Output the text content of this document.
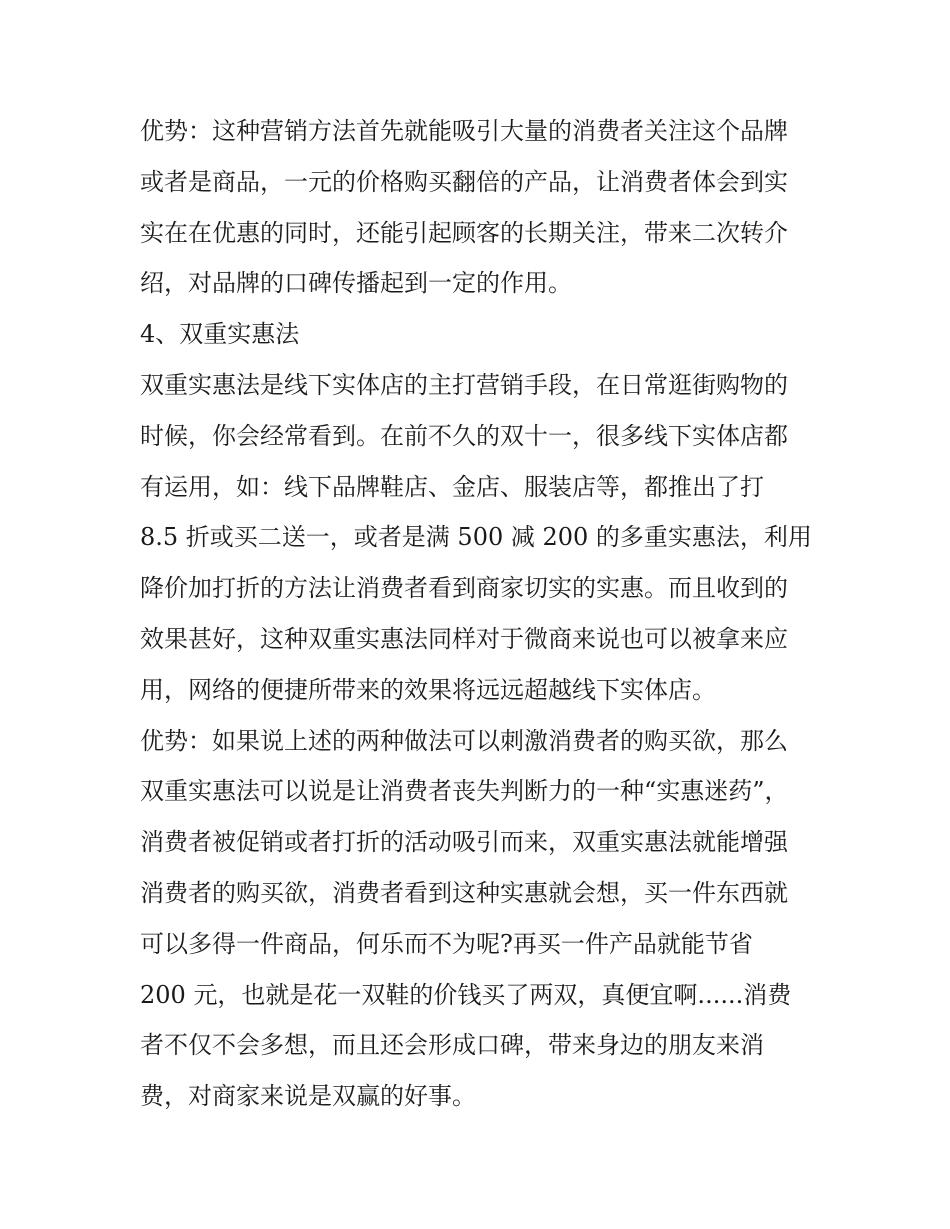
优势：这种营销方法首先就能吸引大量的消费者关注这个品牌
或者是商品，一元的价格购买翻倍的产品，让消费者体会到实
实在在优惠的同时，还能引起顾客的长期关注，带来二次转介
绍，对品牌的口碑传播起到一定的作用。
4、双重实惠法
双重实惠法是线下实体店的主打营销手段，在日常逛街购物的
时候，你会经常看到。在前不久的双十一，很多线下实体店都
有运用，如：线下品牌鞋店、金店、服装店等，都推出了打
8.5 折或买二送一，或者是满 500 减 200 的多重实惠法，利用
降价加打折的方法让消费者看到商家切实的实惠。而且收到的
效果甚好，这种双重实惠法同样对于微商来说也可以被拿来应
用，网络的便捷所带来的效果将远远超越线下实体店。
优势：如果说上述的两种做法可以刺激消费者的购买欲，那么
双重实惠法可以说是让消费者丧失判断力的一种“实惠迷药”，
消费者被促销或者打折的活动吸引而来，双重实惠法就能增强
消费者的购买欲，消费者看到这种实惠就会想，买一件东西就
可以多得一件商品，何乐而不为呢?再买一件产品就能节省
200 元，也就是花一双鞋的价钱买了两双，真便宜啊......消费
者不仅不会多想，而且还会形成口碑，带来身边的朋友来消
费，对商家来说是双赢的好事。
